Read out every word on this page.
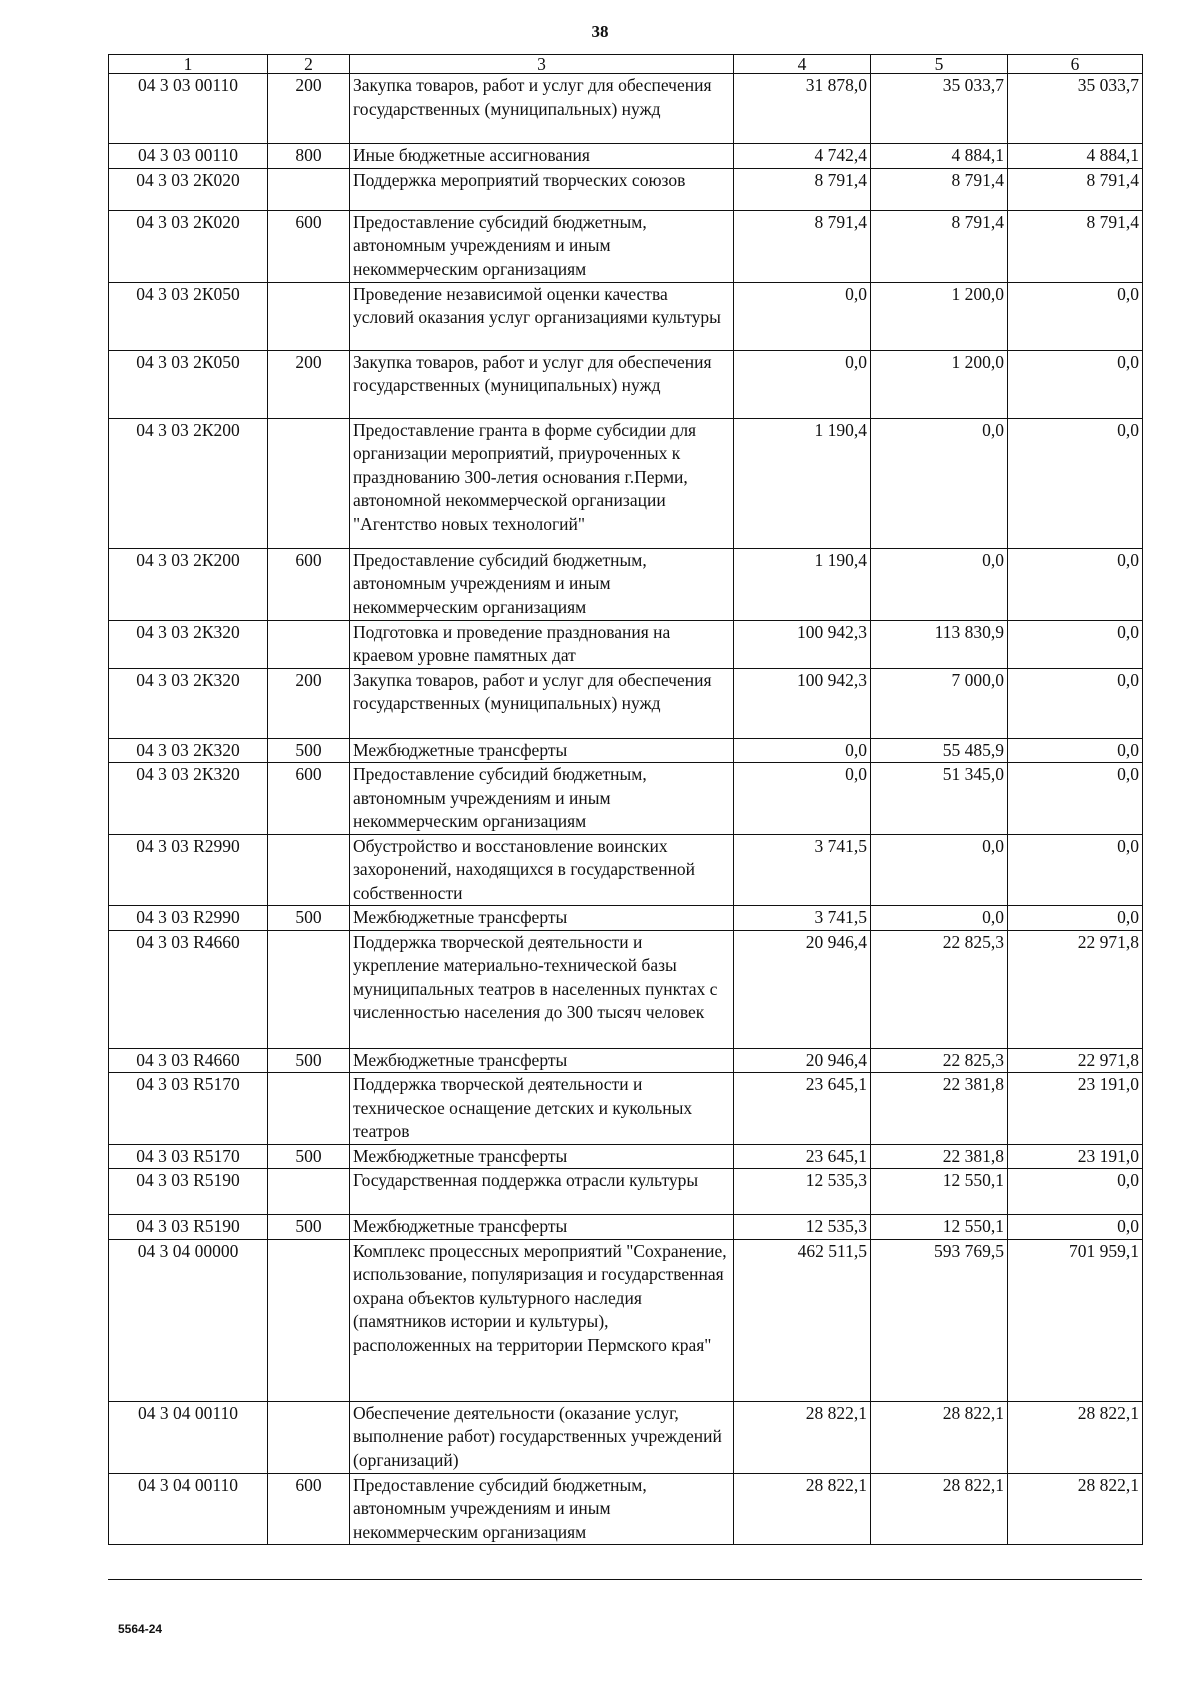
38
1	2	3	4	5	6
04 3 03 00110	200	Закупка товаров, работ и услуг для обеспечения государственных (муниципальных) нужд	31 878,0	35 033,7	35 033,7
04 3 03 00110	800	Иные бюджетные ассигнования	4 742,4	4 884,1	4 884,1
04 3 03 2К020		Поддержка мероприятий творческих союзов	8 791,4	8 791,4	8 791,4
04 3 03 2К020	600	Предоставление субсидий бюджетным, автономным учреждениям и иным некоммерческим организациям	8 791,4	8 791,4	8 791,4
04 3 03 2К050		Проведение независимой оценки качества условий оказания услуг организациями культуры	0,0	1 200,0	0,0
04 3 03 2К050	200	Закупка товаров, работ и услуг для обеспечения государственных (муниципальных) нужд	0,0	1 200,0	0,0
04 3 03 2К200		Предоставление гранта в форме субсидии для организации мероприятий, приуроченных к празднованию 300-летия основания г.Перми, автономной некоммерческой организации "Агентство новых технологий"	1 190,4	0,0	0,0
04 3 03 2К200	600	Предоставление субсидий бюджетным, автономным учреждениям и иным некоммерческим организациям	1 190,4	0,0	0,0
04 3 03 2К320		Подготовка и проведение празднования на краевом уровне памятных дат	100 942,3	113 830,9	0,0
04 3 03 2К320	200	Закупка товаров, работ и услуг для обеспечения государственных (муниципальных) нужд	100 942,3	7 000,0	0,0
04 3 03 2К320	500	Межбюджетные трансферты	0,0	55 485,9	0,0
04 3 03 2К320	600	Предоставление субсидий бюджетным, автономным учреждениям и иным некоммерческим организациям	0,0	51 345,0	0,0
04 3 03 R2990		Обустройство и восстановление воинских захоронений, находящихся в государственной собственности	3 741,5	0,0	0,0
04 3 03 R2990	500	Межбюджетные трансферты	3 741,5	0,0	0,0
04 3 03 R4660		Поддержка творческой деятельности и укрепление материально-технической базы муниципальных театров в населенных пунктах с численностью населения до 300 тысяч человек	20 946,4	22 825,3	22 971,8
04 3 03 R4660	500	Межбюджетные трансферты	20 946,4	22 825,3	22 971,8
04 3 03 R5170		Поддержка творческой деятельности и техническое оснащение детских и кукольных театров	23 645,1	22 381,8	23 191,0
04 3 03 R5170	500	Межбюджетные трансферты	23 645,1	22 381,8	23 191,0
04 3 03 R5190		Государственная поддержка отрасли культуры	12 535,3	12 550,1	0,0
04 3 03 R5190	500	Межбюджетные трансферты	12 535,3	12 550,1	0,0
04 3 04 00000		Комплекс процессных мероприятий "Сохранение, использование, популяризация и государственная охрана объектов культурного наследия (памятников истории и культуры), расположенных на территории Пермского края"	462 511,5	593 769,5	701 959,1
04 3 04 00110		Обеспечение деятельности (оказание услуг, выполнение работ) государственных учреждений (организаций)	28 822,1	28 822,1	28 822,1
04 3 04 00110	600	Предоставление субсидий бюджетным, автономным учреждениям и иным некоммерческим организациям	28 822,1	28 822,1	28 822,1
5564-24
